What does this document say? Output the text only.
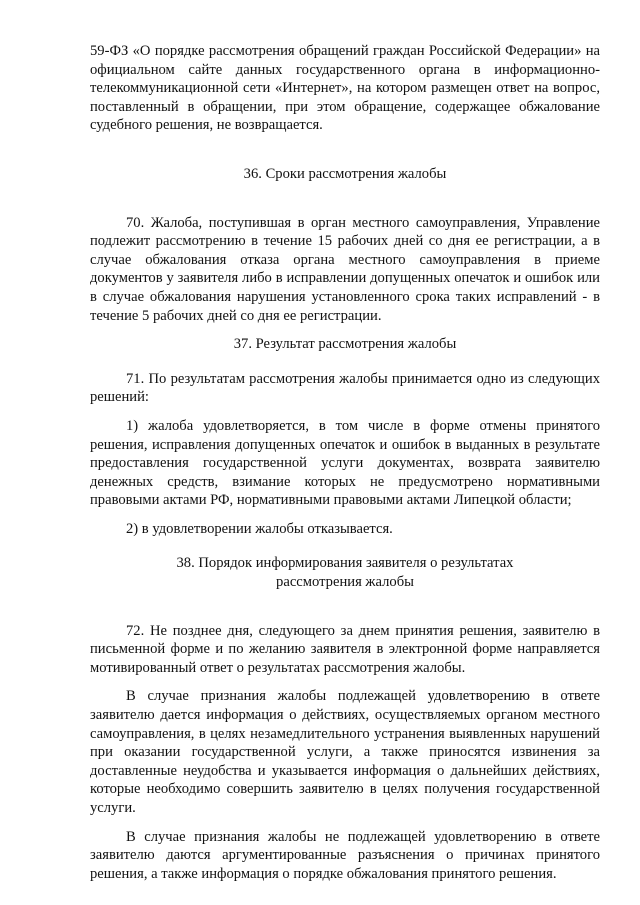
59-ФЗ «О порядке рассмотрения обращений граждан Российской Федерации» на официальном сайте данных государственного органа в информационно-телекоммуникационной сети «Интернет», на котором размещен ответ на вопрос, поставленный в обращении, при этом обращение, содержащее обжалование судебного решения, не возвращается.

36. Сроки рассмотрения жалобы

70. Жалоба, поступившая в орган местного самоуправления, Управление подлежит рассмотрению в течение 15 рабочих дней со дня ее регистрации, а в случае обжалования отказа органа местного самоуправления в приеме документов у заявителя либо в исправлении допущенных опечаток и ошибок или в случае обжалования нарушения установленного срока таких исправлений - в течение 5 рабочих дней со дня ее регистрации.

37. Результат рассмотрения жалобы

71. По результатам рассмотрения жалобы принимается одно из следующих решений:

1) жалоба удовлетворяется, в том числе в форме отмены принятого решения, исправления допущенных опечаток и ошибок в выданных в результате предоставления государственной услуги документах, возврата заявителю денежных средств, взимание которых не предусмотрено нормативными правовыми актами РФ, нормативными правовыми актами Липецкой области;

2) в удовлетворении жалобы отказывается.

38. Порядок информирования заявителя о результатах

рассмотрения жалобы

72. Не позднее дня, следующего за днем принятия решения, заявителю в письменной форме и по желанию заявителя в электронной форме направляется мотивированный ответ о результатах рассмотрения жалобы.

В случае признания жалобы подлежащей удовлетворению в ответе заявителю дается информация о действиях, осуществляемых органом местного самоуправления, в целях незамедлительного устранения выявленных нарушений при оказании государственной услуги, а также приносятся извинения за доставленные неудобства и указывается информация о дальнейших действиях, которые необходимо совершить заявителю в целях получения государственной услуги.

В случае признания жалобы не подлежащей удовлетворению в ответе заявителю даются аргументированные разъяснения о причинах принятого решения, а также информация о порядке обжалования принятого решения.
